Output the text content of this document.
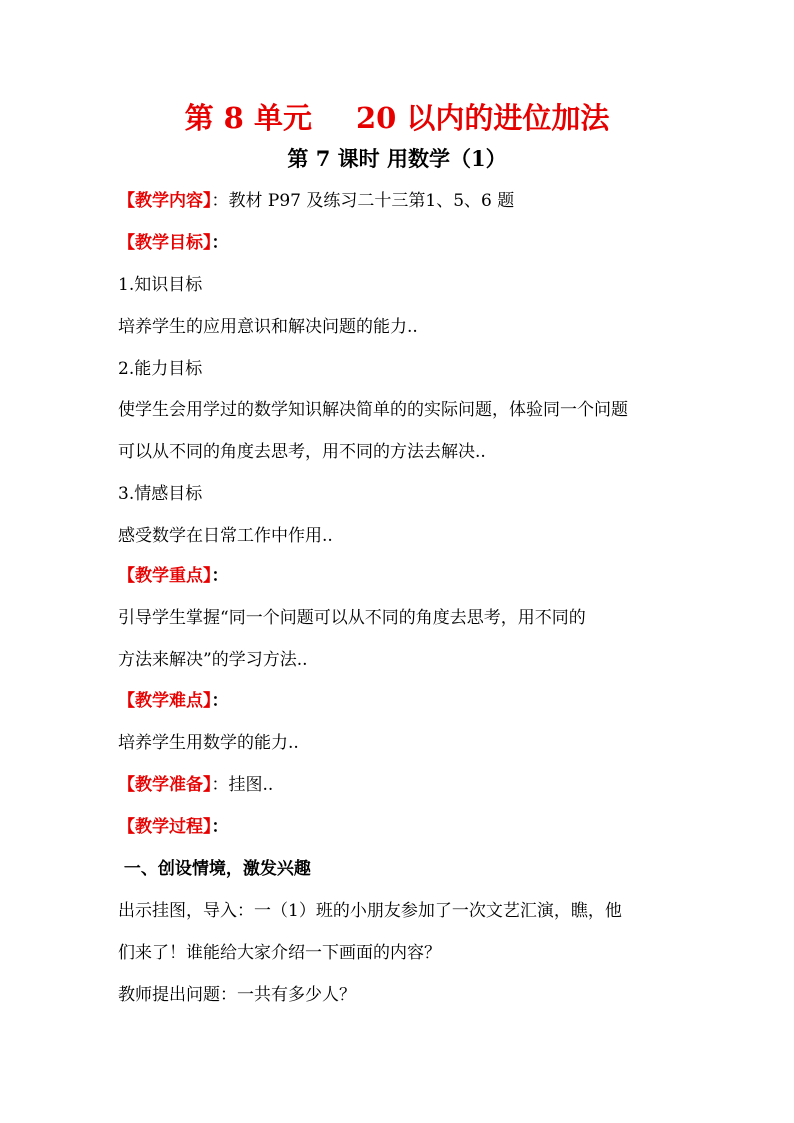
第 8 单元 20 以内的进位加法
第 7 课时 用数学（1）
【教学内容】：教材 P97 及练习二十三第1、5、6 题
【教学目标】：
1.知识目标
培养学生的应用意识和解决问题的能力..
2.能力目标
使学生会用学过的数学知识解决简单的的实际问题，体验同一个问题
可以从不同的角度去思考，用不同的方法去解决..
3.情感目标
感受数学在日常工作中作用..
【教学重点】：
引导学生掌握“同一个问题可以从不同的角度去思考，用不同的
方法来解决”的学习方法..
【教学难点】：
培养学生用数学的能力..
【教学准备】：挂图..
【教学过程】：
一、创设情境，激发兴趣
出示挂图，导入：一（1）班的小朋友参加了一次文艺汇演，瞧，他
们来了！谁能给大家介绍一下画面的内容？
教师提出问题：一共有多少人？
